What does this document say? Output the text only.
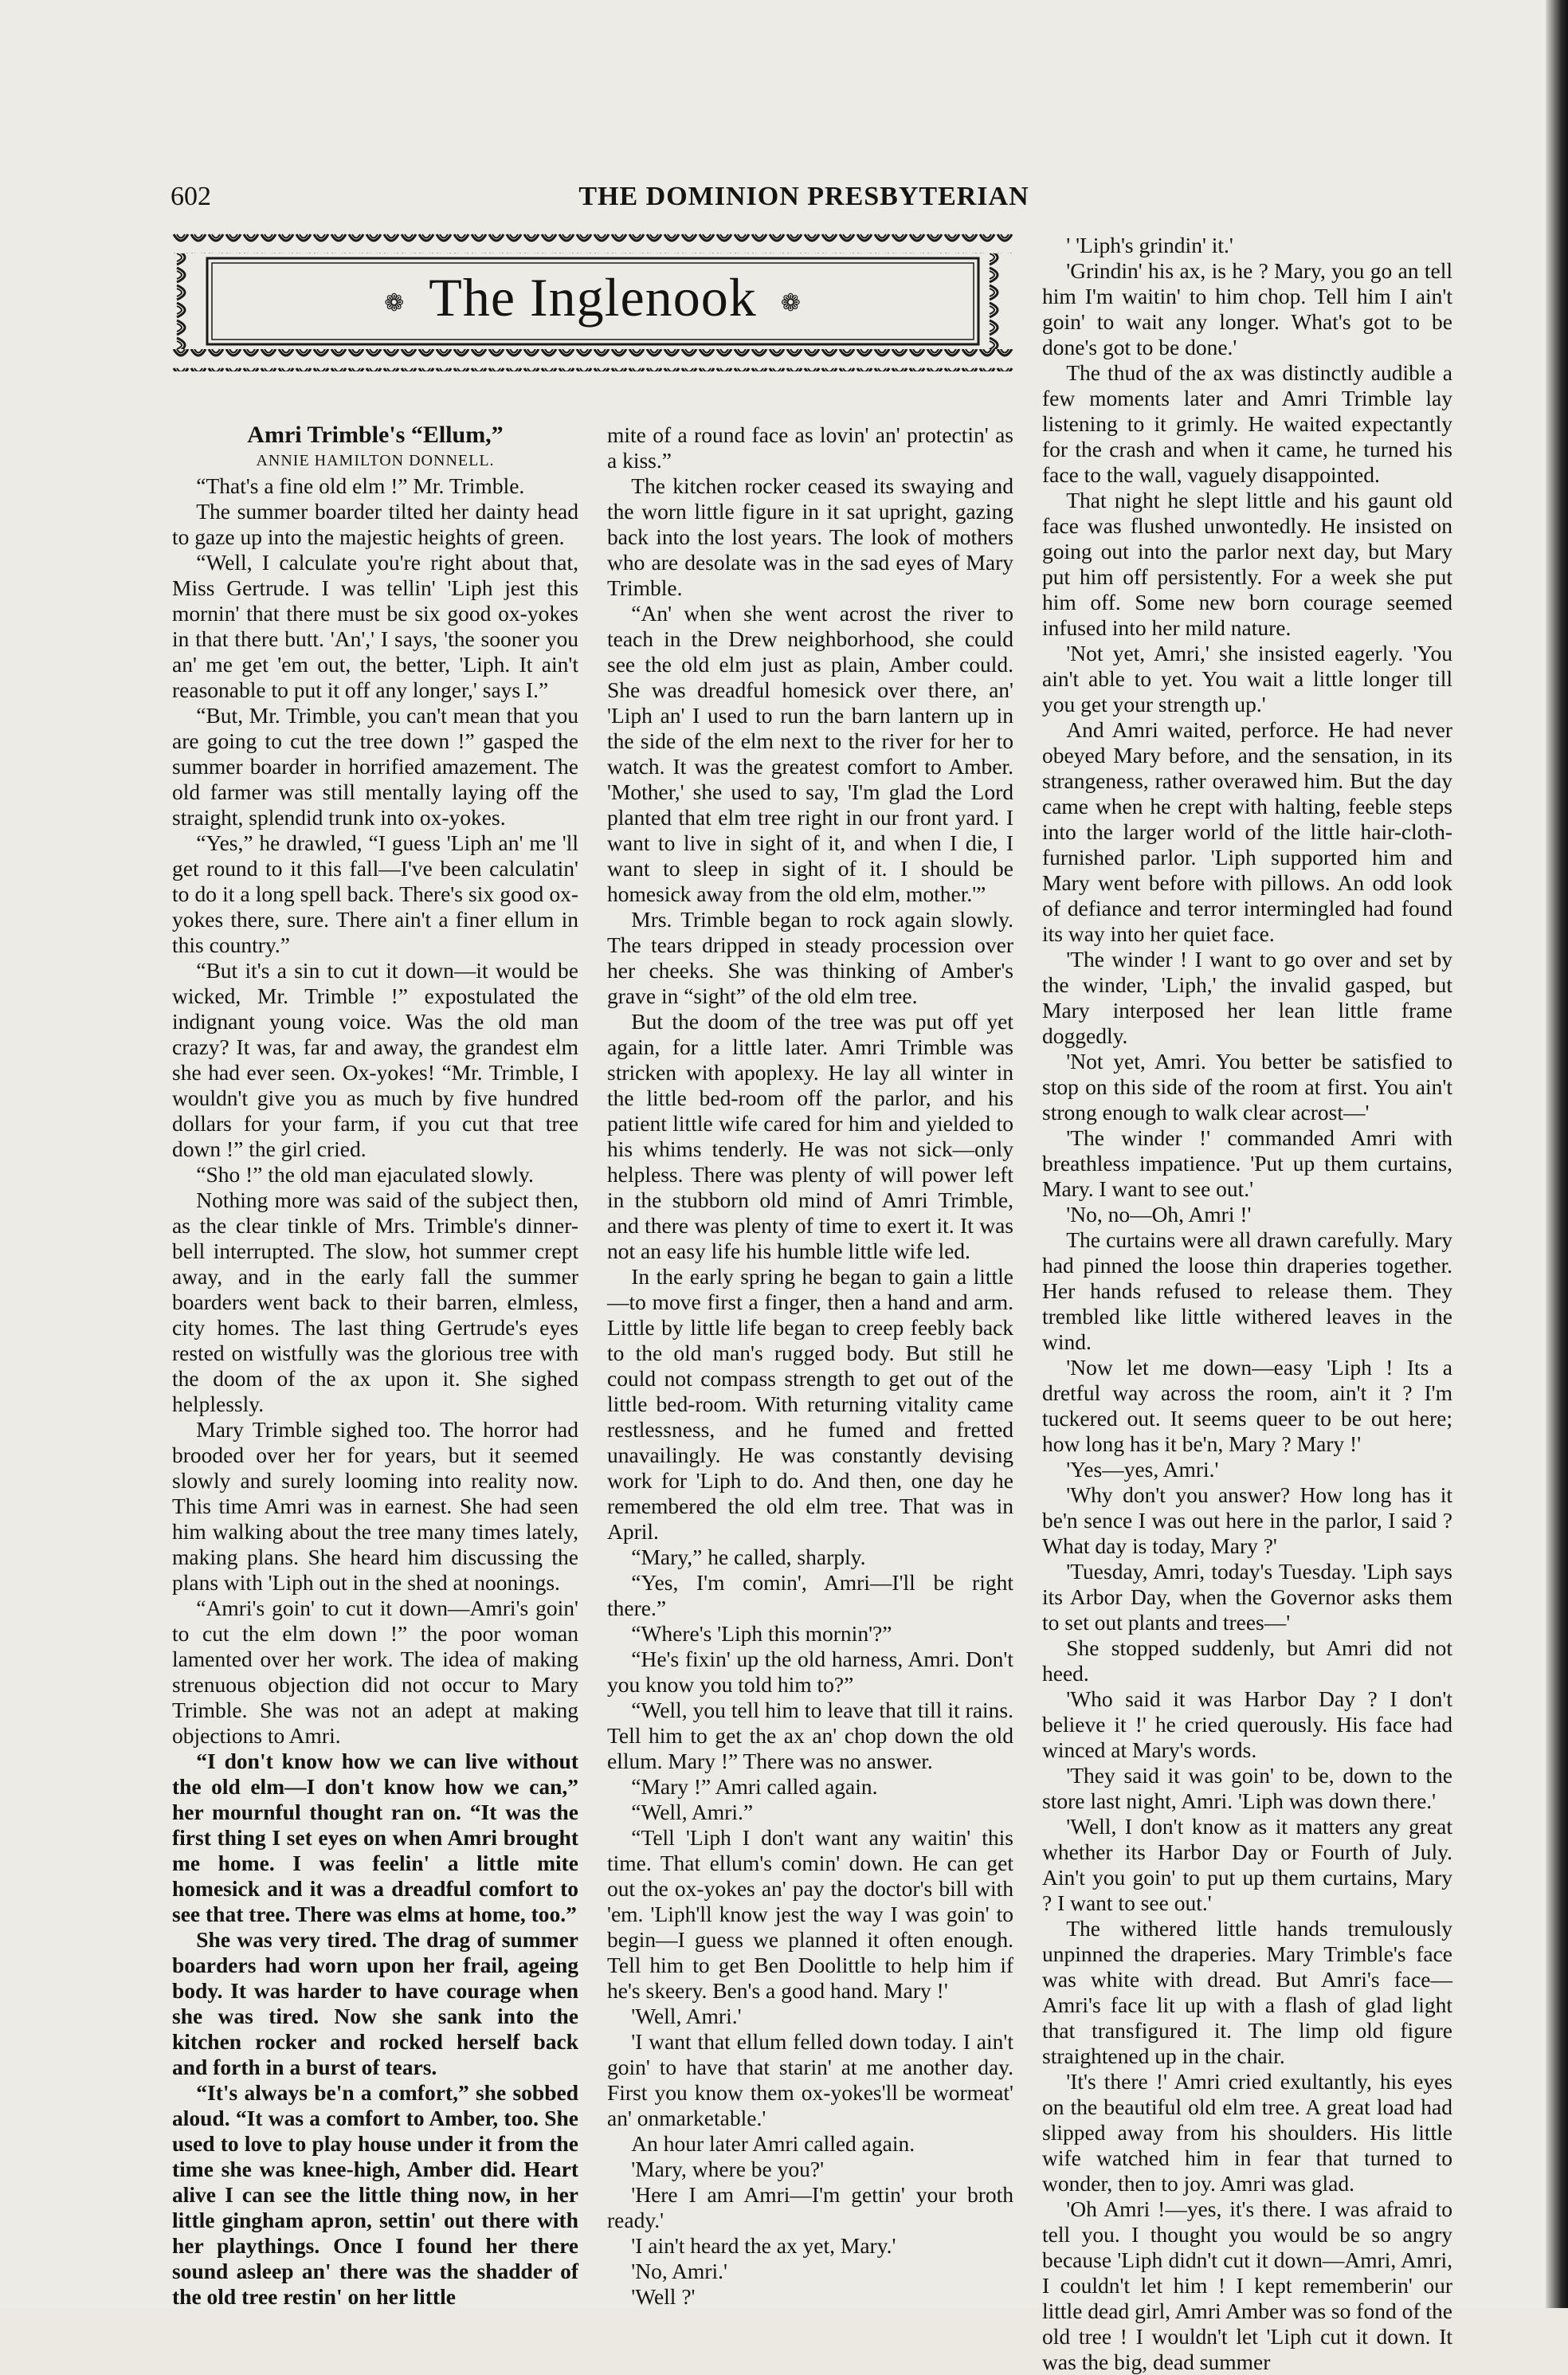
602	THE DOMINION PRESBYTERIAN
❁ The Inglenook ❁

Amri Trimble's “Ellum,”

ANNIE HAMILTON DONNELL.

“That's a fine old elm !” Mr. Trimble.

The summer boarder tilted her dainty head to gaze up into the majestic heights of green.

“Well, I calculate you're right about that, Miss Gertrude. I was tellin' 'Liph jest this mornin' that there must be six good ox-yokes in that there butt. 'An',' I says, 'the sooner you an' me get 'em out, the better, 'Liph. It ain't reasonable to put it off any longer,' says I.”

“But, Mr. Trimble, you can't mean that you are going to cut the tree down !” gasped the summer boarder in horrified amazement. The old farmer was still mentally laying off the straight, splendid trunk into ox-yokes.

“Yes,” he drawled, “I guess 'Liph an' me 'll get round to it this fall—I've been calculatin' to do it a long spell back. There's six good ox-yokes there, sure. There ain't a finer ellum in this country.”

“But it's a sin to cut it down—it would be wicked, Mr. Trimble !” expostulated the indignant young voice. Was the old man crazy? It was, far and away, the grandest elm she had ever seen. Ox-yokes! “Mr. Trimble, I wouldn't give you as much by five hundred dollars for your farm, if you cut that tree down !” the girl cried.

“Sho !” the old man ejaculated slowly.

Nothing more was said of the subject then, as the clear tinkle of Mrs. Trimble's dinner-bell interrupted. The slow, hot summer crept away, and in the early fall the summer boarders went back to their barren, elmless, city homes. The last thing Gertrude's eyes rested on wistfully was the glorious tree with the doom of the ax upon it. She sighed helplessly.

Mary Trimble sighed too. The horror had brooded over her for years, but it seemed slowly and surely looming into reality now. This time Amri was in earnest. She had seen him walking about the tree many times lately, making plans. She heard him discussing the plans with 'Liph out in the shed at noonings.

“Amri's goin' to cut it down—Amri's goin' to cut the elm down !” the poor woman lamented over her work. The idea of making strenuous objection did not occur to Mary Trimble. She was not an adept at making objections to Amri.

“I don't know how we can live without the old elm—I don't know how we can,” her mournful thought ran on. “It was the first thing I set eyes on when Amri brought me home. I was feelin' a little mite homesick and it was a dreadful comfort to see that tree. There was elms at home, too.”

She was very tired. The drag of summer boarders had worn upon her frail, ageing body. It was harder to have courage when she was tired. Now she sank into the kitchen rocker and rocked herself back and forth in a burst of tears.

“It's always be'n a comfort,” she sobbed aloud. “It was a comfort to Amber, too. She used to love to play house under it from the time she was knee-high, Amber did. Heart alive I can see the little thing now, in her little gingham apron, settin' out there with her playthings. Once I found her there sound asleep an' there was the shadder of the old tree restin' on her little

mite of a round face as lovin' an' protectin' as a kiss.”

The kitchen rocker ceased its swaying and the worn little figure in it sat upright, gazing back into the lost years. The look of mothers who are desolate was in the sad eyes of Mary Trimble.

“An' when she went acrost the river to teach in the Drew neighborhood, she could see the old elm just as plain, Amber could. She was dreadful homesick over there, an' 'Liph an' I used to run the barn lantern up in the side of the elm next to the river for her to watch. It was the greatest comfort to Amber. 'Mother,' she used to say, 'I'm glad the Lord planted that elm tree right in our front yard. I want to live in sight of it, and when I die, I want to sleep in sight of it. I should be homesick away from the old elm, mother.'”

Mrs. Trimble began to rock again slowly. The tears dripped in steady procession over her cheeks. She was thinking of Amber's grave in “sight” of the old elm tree.

But the doom of the tree was put off yet again, for a little later. Amri Trimble was stricken with apoplexy. He lay all winter in the little bed-room off the parlor, and his patient little wife cared for him and yielded to his whims tenderly. He was not sick—only helpless. There was plenty of will power left in the stubborn old mind of Amri Trimble, and there was plenty of time to exert it. It was not an easy life his humble little wife led.

In the early spring he began to gain a little—to move first a finger, then a hand and arm. Little by little life began to creep feebly back to the old man's rugged body. But still he could not compass strength to get out of the little bed-room. With returning vitality came restlessness, and he fumed and fretted unavailingly. He was constantly devising work for 'Liph to do. And then, one day he remembered the old elm tree. That was in April.

“Mary,” he called, sharply.

“Yes, I'm comin', Amri—I'll be right there.”

“Where's 'Liph this mornin'?”

“He's fixin' up the old harness, Amri. Don't you know you told him to?”

“Well, you tell him to leave that till it rains. Tell him to get the ax an' chop down the old ellum. Mary !” There was no answer.

“Mary !” Amri called again.

“Well, Amri.”

“Tell 'Liph I don't want any waitin' this time. That ellum's comin' down. He can get out the ox-yokes an' pay the doctor's bill with 'em. 'Liph'll know jest the way I was goin' to begin—I guess we planned it often enough. Tell him to get Ben Doolittle to help him if he's skeery. Ben's a good hand. Mary !'

'Well, Amri.'

'I want that ellum felled down today. I ain't goin' to have that starin' at me another day. First you know them ox-yokes'll be wormeat' an' onmarketable.'

An hour later Amri called again.

'Mary, where be you?'

'Here I am Amri—I'm gettin' your broth ready.'

'I ain't heard the ax yet, Mary.'

'No, Amri.'

'Well ?'

' 'Liph's grindin' it.'

'Grindin' his ax, is he ? Mary, you go an tell him I'm waitin' to him chop. Tell him I ain't goin' to wait any longer. What's got to be done's got to be done.'

The thud of the ax was distinctly audible a few moments later and Amri Trimble lay listening to it grimly. He waited expectantly for the crash and when it came, he turned his face to the wall, vaguely disappointed.

That night he slept little and his gaunt old face was flushed unwontedly. He insisted on going out into the parlor next day, but Mary put him off persistently. For a week she put him off. Some new born courage seemed infused into her mild nature.

'Not yet, Amri,' she insisted eagerly. 'You ain't able to yet. You wait a little longer till you get your strength up.'

And Amri waited, perforce. He had never obeyed Mary before, and the sensation, in its strangeness, rather overawed him. But the day came when he crept with halting, feeble steps into the larger world of the little hair-cloth-furnished parlor. 'Liph supported him and Mary went before with pillows. An odd look of defiance and terror intermingled had found its way into her quiet face.

'The winder ! I want to go over and set by the winder, 'Liph,' the invalid gasped, but Mary interposed her lean little frame doggedly.

'Not yet, Amri. You better be satisfied to stop on this side of the room at first. You ain't strong enough to walk clear acrost—'

'The winder !' commanded Amri with breathless impatience. 'Put up them curtains, Mary. I want to see out.'

'No, no—Oh, Amri !'

The curtains were all drawn carefully. Mary had pinned the loose thin draperies together. Her hands refused to release them. They trembled like little withered leaves in the wind.

'Now let me down—easy 'Liph ! Its a dretful way across the room, ain't it ? I'm tuckered out. It seems queer to be out here; how long has it be'n, Mary ? Mary !'

'Yes—yes, Amri.'

'Why don't you answer? How long has it be'n sence I was out here in the parlor, I said ? What day is today, Mary ?'

'Tuesday, Amri, today's Tuesday. 'Liph says its Arbor Day, when the Governor asks them to set out plants and trees—'

She stopped suddenly, but Amri did not heed.

'Who said it was Harbor Day ? I don't believe it !' he cried querously. His face had winced at Mary's words.

'They said it was goin' to be, down to the store last night, Amri. 'Liph was down there.'

'Well, I don't know as it matters any great whether its Harbor Day or Fourth of July. Ain't you goin' to put up them curtains, Mary ? I want to see out.'

The withered little hands tremulously unpinned the draperies. Mary Trimble's face was white with dread. But Amri's face—Amri's face lit up with a flash of glad light that transfigured it. The limp old figure straightened up in the chair.

'It's there !' Amri cried exultantly, his eyes on the beautiful old elm tree. A great load had slipped away from his shoulders. His little wife watched him in fear that turned to wonder, then to joy. Amri was glad.

'Oh Amri !—yes, it's there. I was afraid to tell you. I thought you would be so angry because 'Liph didn't cut it down—Amri, Amri, I couldn't let him ! I kept rememberin' our little dead girl, Amri Amber was so fond of the old tree ! I wouldn't let 'Liph cut it down. It was the big, dead summer
